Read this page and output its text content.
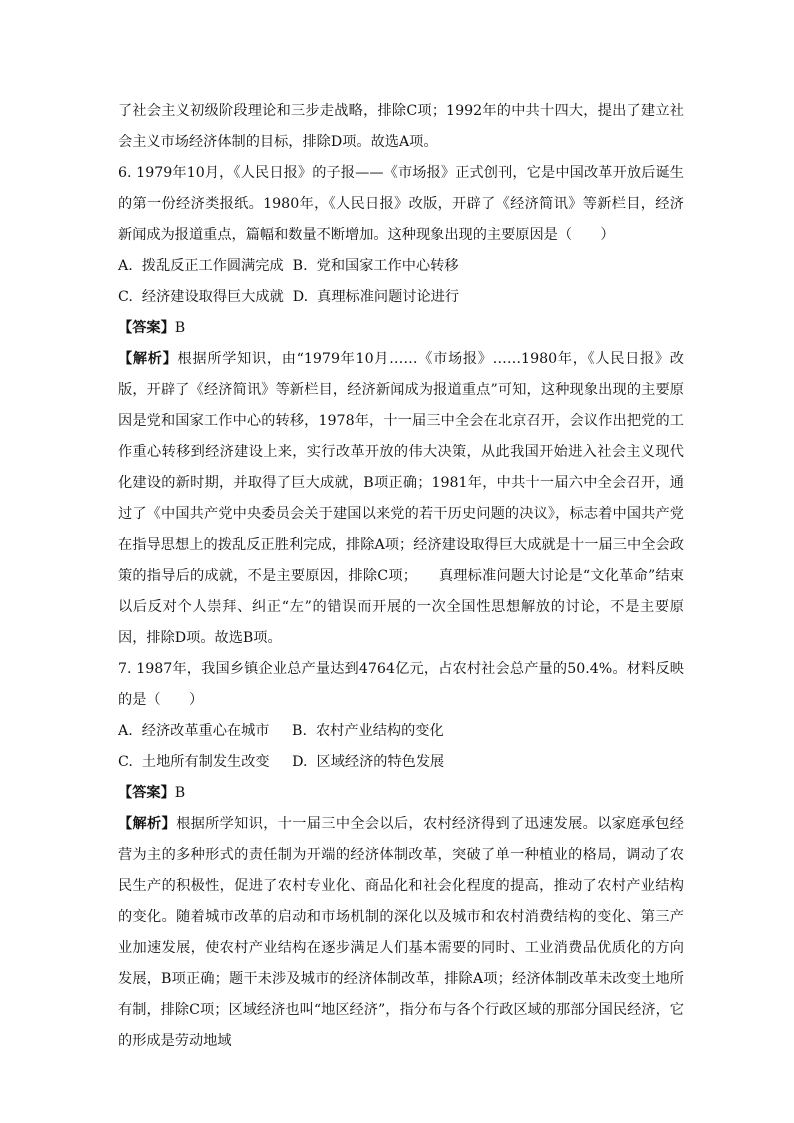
了社会主义初级阶段理论和三步走战略，排除C项；1992年的中共十四大，提出了建立社会主义市场经济体制的目标，排除D项。故选A项。

6. 1979年10月，《人民日报》的子报——《市场报》正式创刊，它是中国改革开放后诞生的第一份经济类报纸。1980年，《人民日报》改版，开辟了《经济简讯》等新栏目，经济新闻成为报道重点，篇幅和数量不断增加。这种现象出现的主要原因是（　　）

A.  拨乱反正工作圆满完成  B.  党和国家工作中心转移

C.  经济建设取得巨大成就  D.  真理标准问题讨论进行

【答案】B

【解析】根据所学知识，由“1979年10月……《市场报》……1980年，《人民日报》改版，开辟了《经济简讯》等新栏目，经济新闻成为报道重点”可知，这种现象出现的主要原因是党和国家工作中心的转移，1978年，十一届三中全会在北京召开，会议作出把党的工作重心转移到经济建设上来，实行改革开放的伟大决策，从此我国开始进入社会主义现代化建设的新时期，并取得了巨大成就，B项正确；1981年，中共十一届六中全会召开，通过了《中国共产党中央委员会关于建国以来党的若干历史问题的决议》，标志着中国共产党在指导思想上的拨乱反正胜利完成，排除A项；经济建设取得巨大成就是十一届三中全会政策的指导后的成就，不是主要原因，排除C项；　　真理标准问题大讨论是“文化革命”结束以后反对个人崇拜、纠正“左”的错误而开展的一次全国性思想解放的讨论，不是主要原因，排除D项。故选B项。

7. 1987年，我国乡镇企业总产量达到4764亿元，占农村社会总产量的50.4%。材料反映的是（　　）

A.  经济改革重心在城市     B.  农村产业结构的变化

C.  土地所有制发生改变     D.  区域经济的特色发展

【答案】B

【解析】根据所学知识，十一届三中全会以后，农村经济得到了迅速发展。以家庭承包经营为主的多种形式的责任制为开端的经济体制改革，突破了单一种植业的格局，调动了农民生产的积极性，促进了农村专业化、商品化和社会化程度的提高，推动了农村产业结构的变化。随着城市改革的启动和市场机制的深化以及城市和农村消费结构的变化、第三产业加速发展，使农村产业结构在逐步满足人们基本需要的同时、工业消费品优质化的方向发展，B项正确；题干未涉及城市的经济体制改革，排除A项；经济体制改革未改变土地所有制，排除C项；区域经济也叫“地区经济”，指分布与各个行政区域的那部分国民经济，它的形成是劳动地域
